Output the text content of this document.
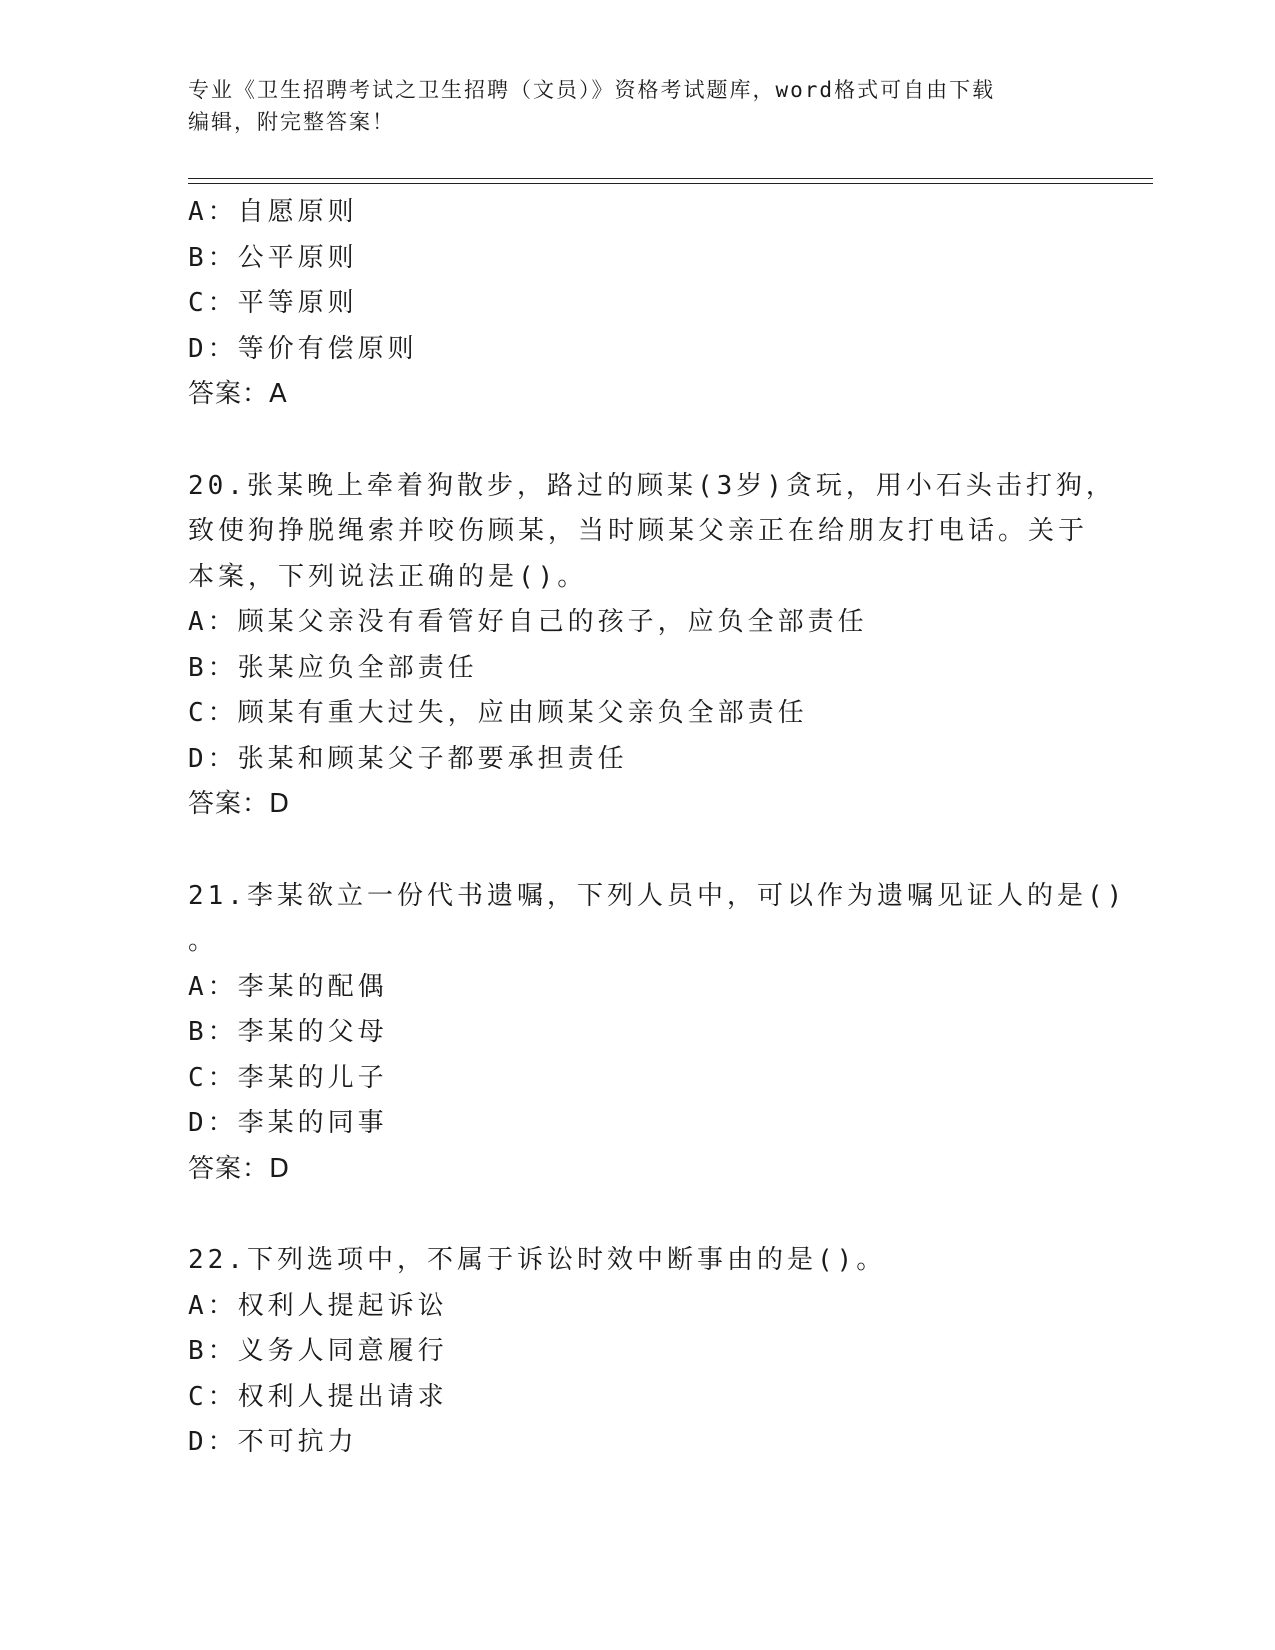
专业《卫生招聘考试之卫生招聘（文员）》资格考试题库，word格式可自由下载
编辑，附完整答案！
A：自愿原则
B：公平原则
C：平等原则
D：等价有偿原则
答案：A
20.张某晚上牵着狗散步，路过的顾某(3岁)贪玩，用小石头击打狗，
致使狗挣脱绳索并咬伤顾某，当时顾某父亲正在给朋友打电话。关于
本案，下列说法正确的是()。
A：顾某父亲没有看管好自己的孩子，应负全部责任
B：张某应负全部责任
C：顾某有重大过失，应由顾某父亲负全部责任
D：张某和顾某父子都要承担责任
答案：D
21.李某欲立一份代书遗嘱，下列人员中，可以作为遗嘱见证人的是()
。
A：李某的配偶
B：李某的父母
C：李某的儿子
D：李某的同事
答案：D
22.下列选项中，不属于诉讼时效中断事由的是()。
A：权利人提起诉讼
B：义务人同意履行
C：权利人提出请求
D：不可抗力
